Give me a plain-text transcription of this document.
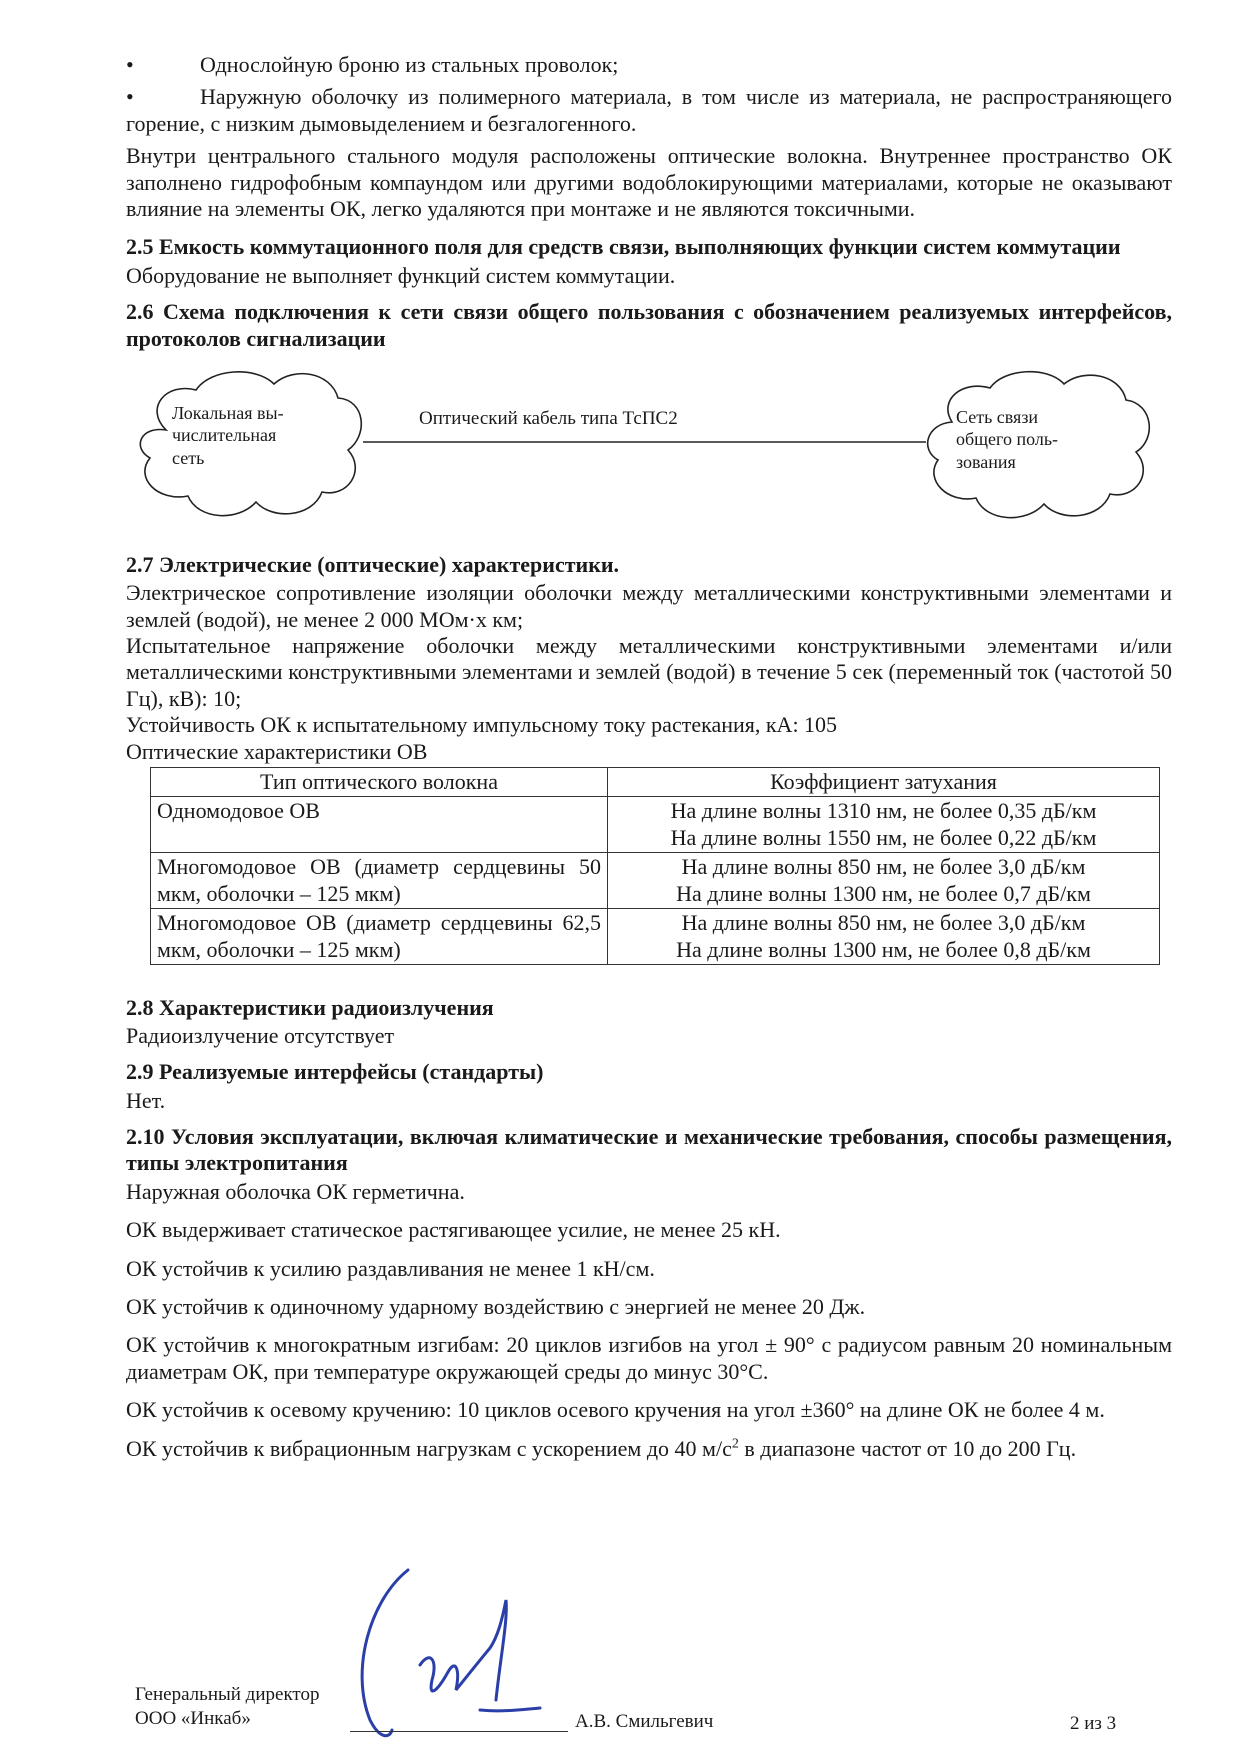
•	Однослойную броню из стальных проволок;
•	Наружную оболочку из полимерного материала, в том числе из материала, не распространяющего горение, с низким дымовыделением и безгалогенного.

Внутри центрального стального модуля расположены оптические волокна. Внутреннее пространство ОК заполнено гидрофобным компаундом или другими водоблокирующими материалами, которые не оказывают влияние на элементы ОК, легко удаляются при монтаже и не являются токсичными.

2.5 Емкость коммутационного поля для средств связи, выполняющих функции систем коммутации

Оборудование не выполняет функций систем коммутации.

2.6 Схема подключения к сети связи общего пользования с обозначением реализуемых интерфейсов, протоколов сигнализации
Локальная вы-
числительная
сеть
Сеть связи
общего поль-
зования
Оптический кабель типа ТсПС2
2.7 Электрические (оптические) характеристики.

Электрическое сопротивление изоляции оболочки между металлическими конструктивными элементами и землей (водой), не менее 2 000 МОм·х км;

Испытательное напряжение оболочки между металлическими конструктивными элементами и/или металлическими конструктивными элементами и землей (водой) в течение 5 сек (переменный ток (частотой 50 Гц), кВ): 10;

Устойчивость ОК к испытательному импульсному току растекания, кА: 105

Оптические характеристики ОВ

Тип оптического волокна	Коэффициент затухания
Одномодовое ОВ	На длине волны 1310 нм, не более 0,35 дБ/км
На длине волны 1550 нм, не более 0,22 дБ/км

Многомодовое ОВ (диаметр сердцевины 50 мкм, оболочки – 125 мкм)	На длине волны 850 нм, не более 3,0 дБ/км
На длине волны 1300 нм, не более 0,7 дБ/км

Многомодовое ОВ (диаметр сердцевины 62,5 мкм, оболочки – 125 мкм)	На длине волны 850 нм, не более 3,0 дБ/км
На длине волны 1300 нм, не более 0,8 дБ/км
2.8 Характеристики радиоизлучения

Радиоизлучение отсутствует

2.9 Реализуемые интерфейсы (стандарты)

Нет.

2.10 Условия эксплуатации, включая климатические и механические требования, способы размещения, типы электропитания

Наружная оболочка ОК герметична.

ОК выдерживает статическое растягивающее усилие, не менее 25 кН.

ОК устойчив к усилию раздавливания не менее 1 кН/см.

ОК устойчив к одиночному ударному воздействию с энергией не менее 20 Дж.

ОК устойчив к многократным изгибам: 20 циклов изгибов на угол ± 90° с радиусом равным 20 номинальным диаметрам ОК, при температуре окружающей среды до минус 30°С.

ОК устойчив к осевому кручению: 10 циклов осевого кручения на угол ±360° на длине ОК не более 4 м.

ОК устойчив к вибрационным нагрузкам с ускорением до 40 $м/с^2$ в диапазоне частот от 10 до 200 Гц.

Генеральный директор
ООО «Инкаб»	А.В. Смильгевич	2 из 3
